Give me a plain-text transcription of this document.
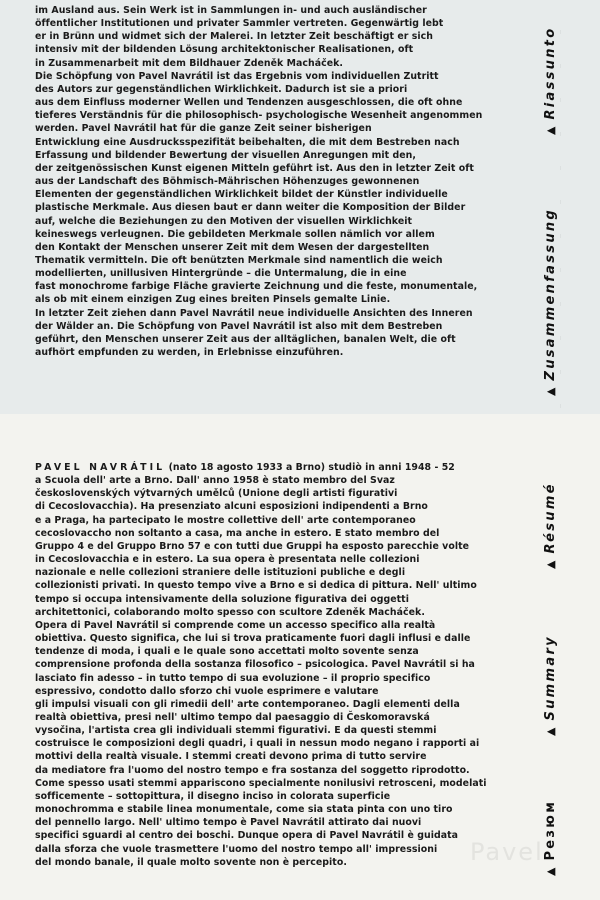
Pavel
im Ausland aus. Sein Werk ist in Sammlungen in- und auch ausländischer
öffentlicher Institutionen und privater Sammler vertreten. Gegenwärtig lebt
er in Brünn und widmet sich der Malerei. In letzter Zeit beschäftigt er sich
intensiv mit der bildenden Lösung architektonischer Realisationen, oft
in Zusammenarbeit mit dem Bildhauer Zdeněk Macháček.
Die Schöpfung von Pavel Navrátil ist das Ergebnis vom individuellen Zutritt
des Autors zur gegenständlichen Wirklichkeit. Dadurch ist sie a priori
aus dem Einfluss moderner Wellen und Tendenzen ausgeschlossen, die oft ohne
tieferes Verständnis für die philosophisch- psychologische Wesenheit angenommen
werden. Pavel Navrátil hat für die ganze Zeit seiner bisherigen
Entwicklung eine Ausdrucksspezifität beibehalten, die mit dem Bestreben nach
Erfassung und bildender Bewertung der visuellen Anregungen mit den,
der zeitgenössischen Kunst eigenen Mitteln geführt ist. Aus den in letzter Zeit oft
aus der Landschaft des Böhmisch-Mährischen Höhenzuges gewonnenen
Elementen der gegenständlichen Wirklichkeit bildet der Künstler individuelle
plastische Merkmale. Aus diesen baut er dann weiter die Komposition der Bilder
auf, welche die Beziehungen zu den Motiven der visuellen Wirklichkeit
keineswegs verleugnen. Die gebildeten Merkmale sollen nämlich vor allem
den Kontakt der Menschen unserer Zeit mit dem Wesen der dargestellten
Thematik vermitteln. Die oft benützten Merkmale sind namentlich die weich
modellierten, unillusiven Hintergründe – die Untermalung, die in eine
fast monochrome farbige Fläche gravierte Zeichnung und die feste, monumentale,
als ob mit einem einzigen Zug eines breiten Pinsels gemalte Linie.
In letzter Zeit ziehen dann Pavel Navrátil neue individuelle Ansichten des Inneren
der Wälder an. Die Schöpfung von Pavel Navrátil ist also mit dem Bestreben
geführt, den Menschen unserer Zeit aus der alltäglichen, banalen Welt, die oft
aufhört empfunden zu werden, in Erlebnisse einzuführen.
PAVEL NAVRÁTIL (nato 18 agosto 1933 a Brno) studiò in anni 1948 - 52
a Scuola dell' arte a Brno. Dall' anno 1958 è stato membro del Svaz
československých výtvarných umělců (Unione degli artisti figurativi
di Cecoslovacchia). Ha presenziato alcuni esposizioni indipendenti a Brno
e a Praga, ha partecipato le mostre collettive dell' arte contemporaneo
cecoslovaccho non soltanto a casa, ma anche in estero. E stato membro del
Gruppo 4 e del Gruppo Brno 57 e con tutti due Gruppi ha esposto parecchie volte
in Cecoslovacchia e in estero. La sua opera è presentata nelle collezioni
nazionale e nelle collezioni straniere delle istituzioni publiche e degli
collezionisti privati. In questo tempo vive a Brno e si dedica di pittura. Nell' ultimo
tempo si occupa intensivamente della soluzione figurativa dei oggetti
architettonici, colaborando molto spesso con scultore Zdeněk Macháček.
Opera di Pavel Navrátil si comprende come un accesso specifico alla realtà
obiettiva. Questo significa, che lui si trova praticamente fuori dagli influsi e dalle
tendenze di moda, i quali e le quale sono accettati molto sovente senza
comprensione profonda della sostanza filosofico – psicologica. Pavel Navrátil si ha
lasciato fin adesso – in tutto tempo di sua evoluzione – il proprio specifico
espressivo, condotto dallo sforzo chi vuole esprimere e valutare
gli impulsi visuali con gli rimedii dell' arte contemporaneo. Dagli elementi della
realtà obiettiva, presi nell' ultimo tempo dal paesaggio di Českomoravská
vysočina, l'artista crea gli individuali stemmi figurativi. E da questi stemmi
costruisce le composizioni degli quadri, i quali in nessun modo negano i rapporti ai
mottivi della realtà visuale. I stemmi creati devono prima di tutto servire
da mediatore fra l'uomo del nostro tempo e fra sostanza del soggetto riprodotto.
Come spesso usati stemmi appariscono specialmente nonilusivi retrosceni, modelati
sofficemente – sottopittura, il disegno inciso in colorata superficie
monochromma e stabile linea monumentale, come sia stata pinta con uno tiro
del pennello largo. Nell' ultimo tempo è Pavel Navrátil attirato dai nuovi
specifici sguardi al centro dei boschi. Dunque opera di Pavel Navrátil è guidata
dalla sforza che vuole trasmettere l'uomo del nostro tempo all' impressioni
del mondo banale, il quale molto sovente non è percepito.
▲Riassunto
▲Zusammenfassung
▲Résumé
▲Summary
▲Резюм
